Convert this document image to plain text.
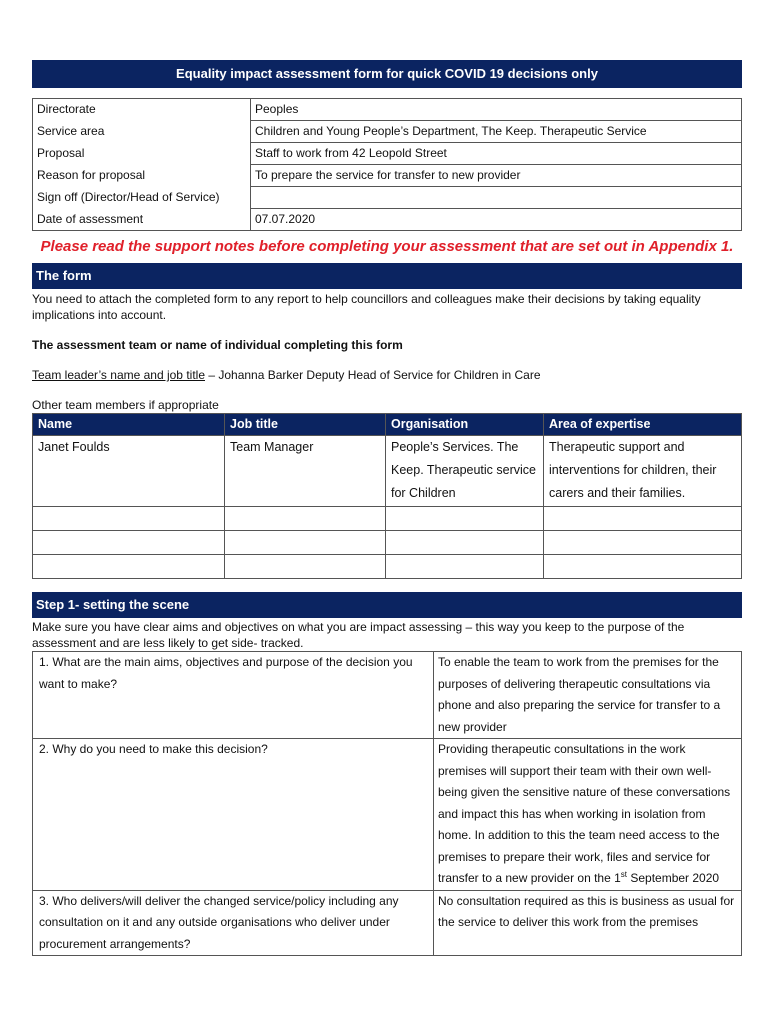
Equality impact assessment form for quick COVID 19 decisions only
Directorate	Peoples
Service area	Children and Young People’s Department, The Keep. Therapeutic Service
Proposal	Staff to work from 42 Leopold Street
Reason for proposal	To prepare the service for transfer to new provider
Sign off (Director/Head of Service)	
Date of assessment	07.07.2020
Please read the support notes before completing your assessment that are set out in Appendix 1.
The form

You need to attach the completed form to any report to help councillors and colleagues make their decisions by taking equality implications into account.

The assessment team or name of individual completing this form

Team leader’s name and job title – Johanna Barker Deputy Head of Service for Children in Care

Other team members if appropriate

Name	Job title	Organisation	Area of expertise
Janet Foulds	Team Manager	People’s Services. The Keep. Therapeutic service for Children	Therapeutic support and interventions for children, their carers and their families.

Step 1- setting the scene

Make sure you have clear aims and objectives on what you are impact assessing – this way you keep to the purpose of the assessment and are less likely to get side- tracked.

1. What are the main aims, objectives and purpose of the decision you want to make?	To enable the team to work from the premises for the purposes of delivering therapeutic consultations via phone and also preparing the service for transfer to a new provider
2. Why do you need to make this decision?	Providing therapeutic consultations in the work premises will support their team with their own well-being given the sensitive nature of these conversations and impact this has when working in isolation from home. In addition to this the team need access to the premises to prepare their work, files and service for transfer to a new provider on the 1st September 2020
3. Who delivers/will deliver the changed service/policy including any consultation on it and any outside organisations who deliver under procurement arrangements?	No consultation required as this is business as usual for the service to deliver this work from the premises
